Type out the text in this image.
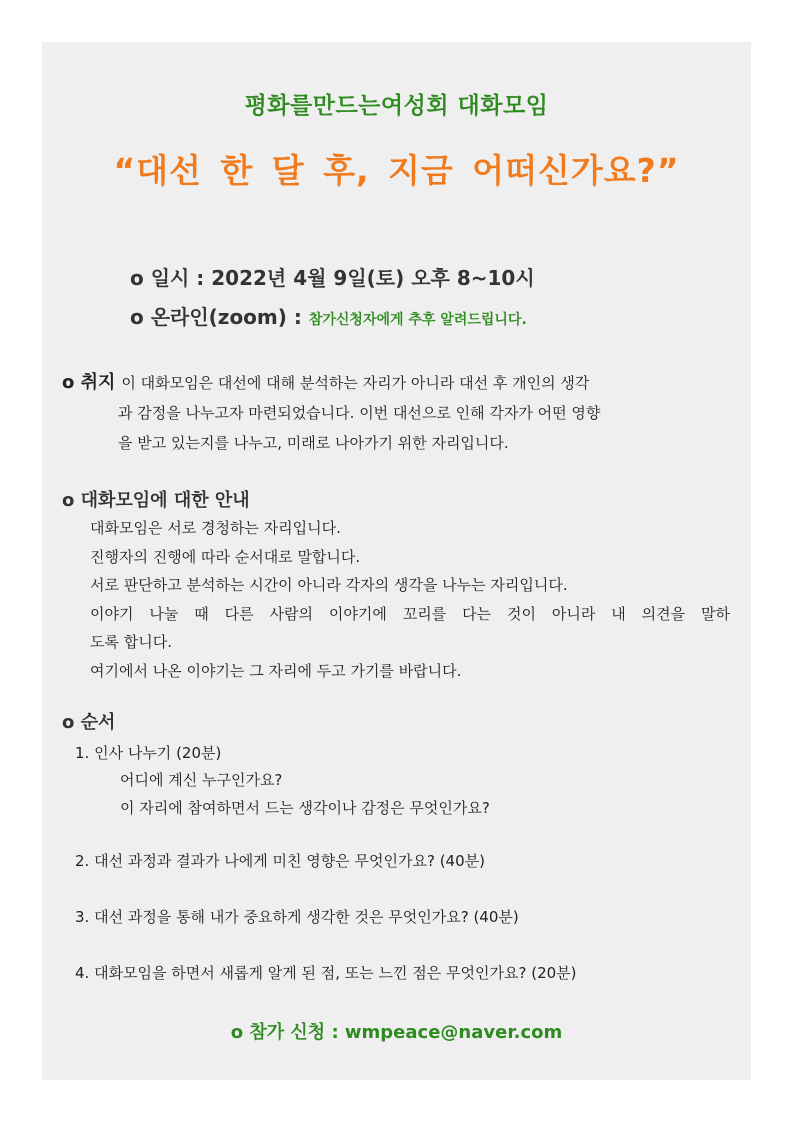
평화를만드는여성회 대화모임
“대선 한 달 후, 지금 어떠신가요?”
o 일시 : 2022년 4월 9일(토) 오후 8~10시
o 온라인(zoom) : 참가신청자에게 추후 알려드립니다.
o 취지 이 대화모임은 대선에 대해 분석하는 자리가 아니라 대선 후 개인의 생각
과 감정을 나누고자 마련되었습니다. 이번 대선으로 인해 각자가 어떤 영향
을 받고 있는지를 나누고, 미래로 나아가기 위한 자리입니다.
o 대화모임에 대한 안내
대화모임은 서로 경청하는 자리입니다.
진행자의 진행에 따라 순서대로 말합니다.
서로 판단하고 분석하는 시간이 아니라 각자의 생각을 나누는 자리입니다.
이야기 나눌 때 다른 사람의 이야기에 꼬리를 다는 것이 아니라 내 의견을 말하
도록 합니다.
여기에서 나온 이야기는 그 자리에 두고 가기를 바랍니다.
o 순서
1. 인사 나누기 (20분)
어디에 계신 누구인가요?
이 자리에 참여하면서 드는 생각이나 감정은 무엇인가요?
2. 대선 과정과 결과가 나에게 미친 영향은 무엇인가요? (40분)
3. 대선 과정을 통해 내가 중요하게 생각한 것은 무엇인가요? (40분)
4. 대화모임을 하면서 새롭게 알게 된 점, 또는 느낀 점은 무엇인가요? (20분)
o 참가 신청 : wmpeace@naver.com
